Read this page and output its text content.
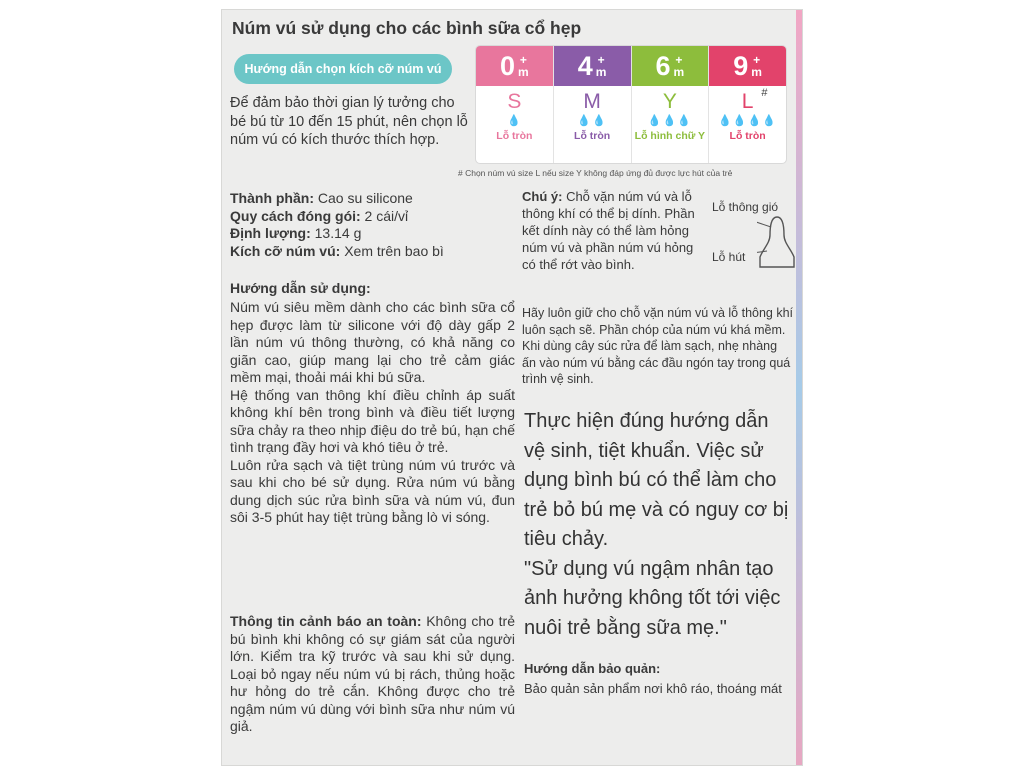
Núm vú sử dụng cho các bình sữa cổ hẹp
Hướng dẫn chọn kích cỡ núm vú
Để đảm bảo thời gian lý tưởng cho bé bú từ 10 đến 15 phút, nên chọn lỗ núm vú có kích thước thích hợp.
0 +
m
S
💧
Lỗ tròn
4 +
m
M
💧💧
Lỗ tròn
6 +
m
Y
💧💧💧
Lỗ hình chữ Y
9 +
m
L #
💧💧💧💧
Lỗ tròn
# Chọn núm vú size L nếu size Y không đáp ứng đủ được lực hút của trẻ
Thành phần: Cao su silicone
Quy cách đóng gói: 2 cái/vỉ
Định lượng: 13.14 g
Kích cỡ núm vú: Xem trên bao bì
Hướng dẫn sử dụng:
Núm vú siêu mềm dành cho các bình sữa cổ hẹp được làm từ silicone với độ dày gấp 2 lần núm vú thông thường, có khả năng co giãn cao, giúp mang lại cho trẻ cảm giác mềm mại, thoải mái khi bú sữa.
Hệ thống van thông khí điều chỉnh áp suất không khí bên trong bình và điều tiết lượng sữa chảy ra theo nhịp điệu do trẻ bú, hạn chế tình trạng đầy hơi và khó tiêu ở trẻ.
Luôn rửa sạch và tiệt trùng núm vú trước và sau khi cho bé sử dụng. Rửa núm vú bằng dung dịch súc rửa bình sữa và núm vú, đun sôi 3-5 phút hay tiệt trùng bằng lò vi sóng.
Thông tin cảnh báo an toàn: Không cho trẻ bú bình khi không có sự giám sát của người lớn. Kiểm tra kỹ trước và sau khi sử dụng. Loại bỏ ngay nếu núm vú bị rách, thủng hoặc hư hỏng do trẻ cắn. Không được cho trẻ ngậm núm vú dùng với bình sữa như núm vú giả.
Chú ý: Chỗ vặn núm vú và lỗ thông khí có thể bị dính. Phần kết dính này có thể làm hỏng núm vú và phần núm vú hỏng có thể rớt vào bình.
Lỗ thông gió
Lỗ hút
Hãy luôn giữ cho chỗ vặn núm vú và lỗ thông khí luôn sạch sẽ. Phần chóp của núm vú khá mềm. Khi dùng cây súc rửa để làm sạch, nhẹ nhàng ấn vào núm vú bằng các đầu ngón tay trong quá trình vệ sinh.
Thực hiện đúng hướng dẫn vệ sinh, tiệt khuẩn. Việc sử dụng bình bú có thể làm cho trẻ bỏ bú mẹ và có nguy cơ bị tiêu chảy.
"Sử dụng vú ngậm nhân tạo ảnh hưởng không tốt tới việc nuôi trẻ bằng sữa mẹ."
Hướng dẫn bảo quản:
Bảo quản sản phẩm nơi khô ráo, thoáng mát
